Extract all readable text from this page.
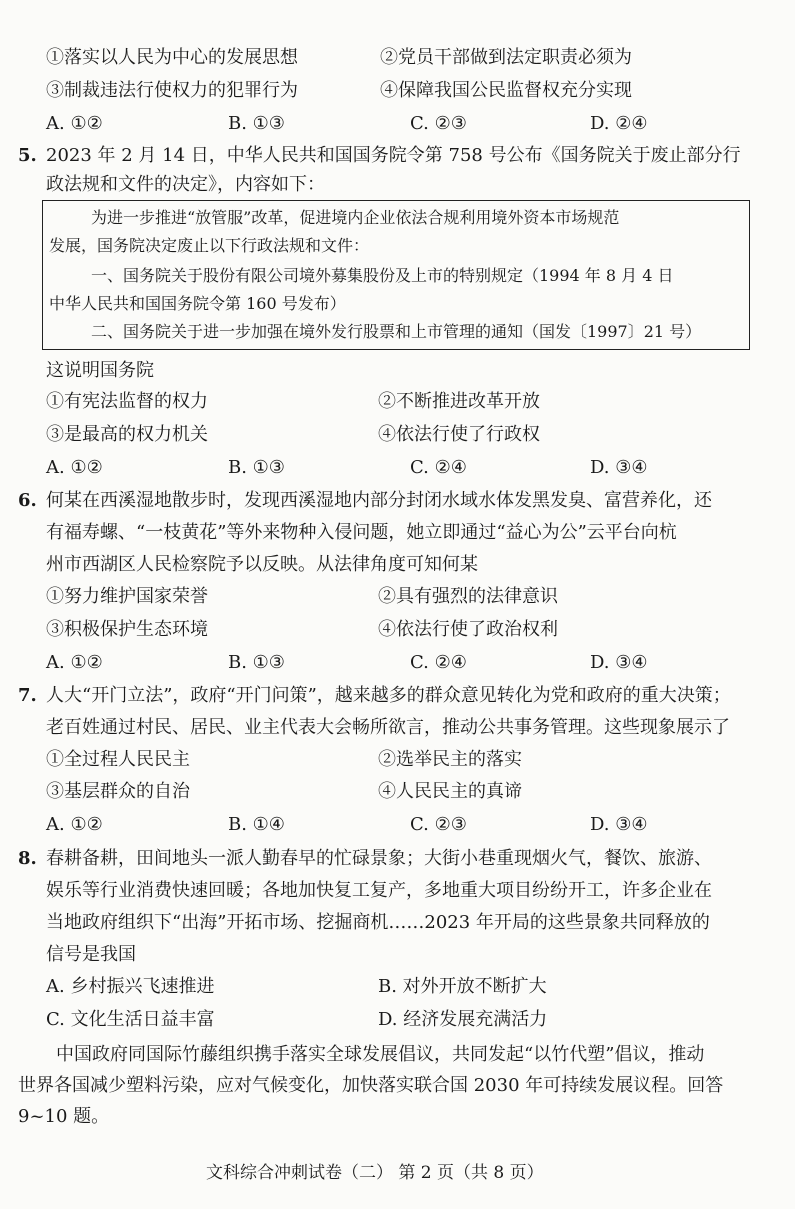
①落实以人民为中心的发展思想	②党员干部做到法定职责必须为
③制裁违法行使权力的犯罪行为	④保障我国公民监督权充分实现
A. ①②	B. ①③	C. ②③	D. ②④
5. 2023 年 2 月 14 日，中华人民共和国国务院令第 758 号公布《国务院关于废止部分行
政法规和文件的决定》，内容如下：
为进一步推进“放管服”改革，促进境内企业依法合规利用境外资本市场规范
发展，国务院决定废止以下行政法规和文件：
一、国务院关于股份有限公司境外募集股份及上市的特别规定（1994 年 8 月 4 日
中华人民共和国国务院令第 160 号发布）
二、国务院关于进一步加强在境外发行股票和上市管理的通知（国发〔1997〕21 号）
这说明国务院
①有宪法监督的权力	②不断推进改革开放
③是最高的权力机关	④依法行使了行政权
A. ①②	B. ①③	C. ②④	D. ③④
6. 何某在西溪湿地散步时，发现西溪湿地内部分封闭水域水体发黑发臭、富营养化，还
有福寿螺、“一枝黄花”等外来物种入侵问题，她立即通过“益心为公”云平台向杭
州市西湖区人民检察院予以反映。从法律角度可知何某
①努力维护国家荣誉	②具有强烈的法律意识
③积极保护生态环境	④依法行使了政治权利
A. ①②	B. ①③	C. ②④	D. ③④
7. 人大“开门立法”，政府“开门问策”，越来越多的群众意见转化为党和政府的重大决策；
老百姓通过村民、居民、业主代表大会畅所欲言，推动公共事务管理。这些现象展示了
①全过程人民民主	②选举民主的落实
③基层群众的自治	④人民民主的真谛
A. ①②	B. ①④	C. ②③	D. ③④
8. 春耕备耕，田间地头一派人勤春早的忙碌景象；大街小巷重现烟火气，餐饮、旅游、
娱乐等行业消费快速回暖；各地加快复工复产，多地重大项目纷纷开工，许多企业在
当地政府组织下“出海”开拓市场、挖掘商机……2023 年开局的这些景象共同释放的
信号是我国
A. 乡村振兴飞速推进	B. 对外开放不断扩大
C. 文化生活日益丰富	D. 经济发展充满活力
中国政府同国际竹藤组织携手落实全球发展倡议，共同发起“以竹代塑”倡议，推动
世界各国减少塑料污染，应对气候变化，加快落实联合国 2030 年可持续发展议程。回答
9~10 题。
文科综合冲刺试卷（二） 第 2 页（共 8 页）
